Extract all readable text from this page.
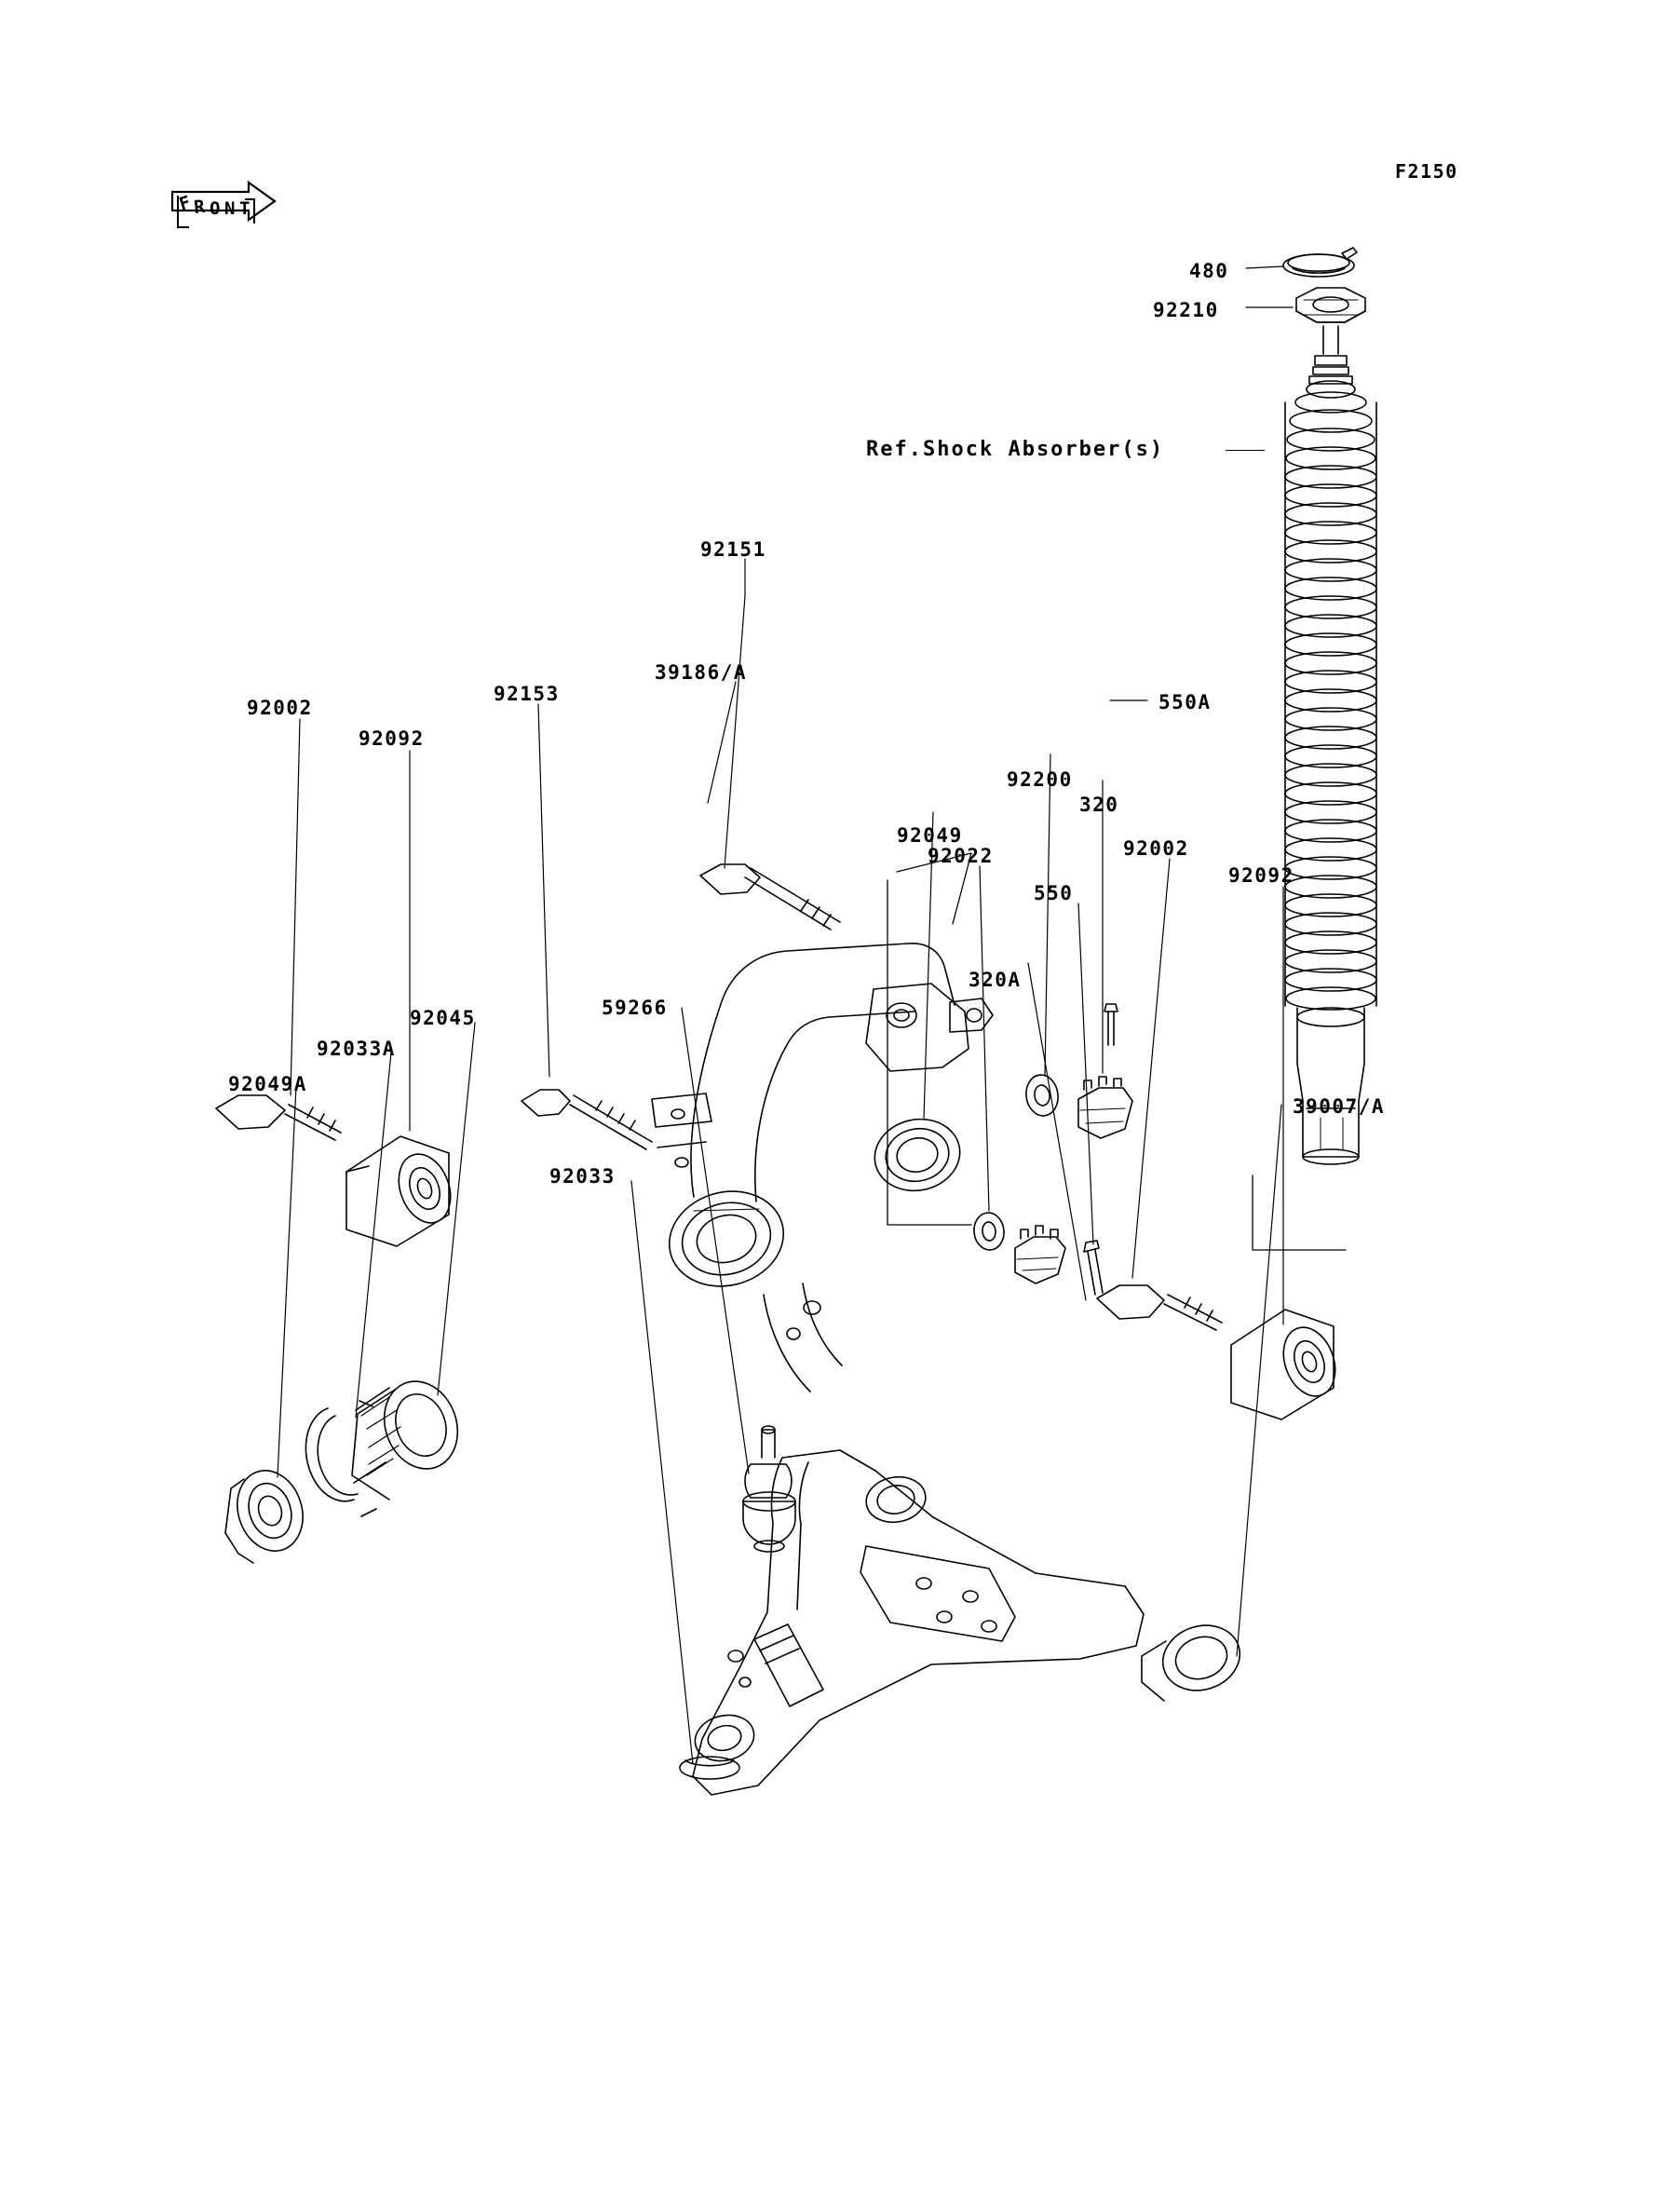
F2150
F R O N T
Ref.Shock Absorber(s)
480
92210
92151
39186/A
92153
92002	550A
92092
92200
320
92049
92022	92002
92092
550
320A
92045	59266
92033A
92049A
39007/A
92033
